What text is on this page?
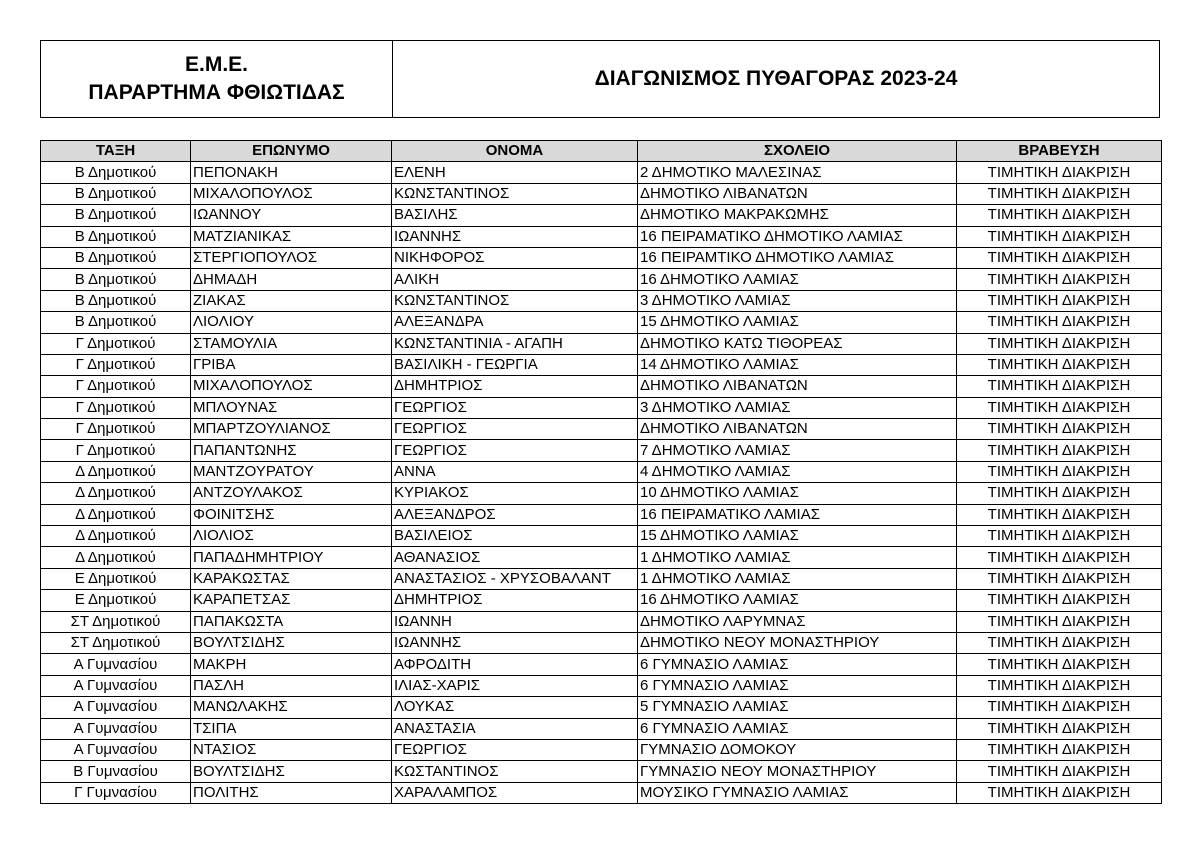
Ε.Μ.Ε.
ΠΑΡΑΡΤΗΜΑ ΦΘΙΩΤΙΔΑΣ
ΔΙΑΓΩΝΙΣΜΟΣ ΠΥΘΑΓΟΡΑΣ 2023-24
ΤΑΞΗ	ΕΠΩΝΥΜΟ	ΟΝΟΜΑ	ΣΧΟΛΕΙΟ	ΒΡΑΒΕΥΣΗ
Β Δημοτικού	ΠΕΠΟΝΑΚΗ	ΕΛΕΝΗ	2 ΔΗΜΟΤΙΚΟ ΜΑΛΕΣΙΝΑΣ	ΤΙΜΗΤΙΚΗ ΔΙΑΚΡΙΣΗ
Β Δημοτικού	ΜΙΧΑΛΟΠΟΥΛΟΣ	ΚΩΝΣΤΑΝΤΙΝΟΣ	ΔΗΜΟΤΙΚΟ ΛΙΒΑΝΑΤΩΝ	ΤΙΜΗΤΙΚΗ ΔΙΑΚΡΙΣΗ
Β Δημοτικού	ΙΩΑΝΝΟΥ	ΒΑΣΙΛΗΣ	ΔΗΜΟΤΙΚΟ ΜΑΚΡΑΚΩΜΗΣ	ΤΙΜΗΤΙΚΗ ΔΙΑΚΡΙΣΗ
Β Δημοτικού	ΜΑΤΖΙΑΝΙΚΑΣ	ΙΩΑΝΝΗΣ	16 ΠΕΙΡΑΜΑΤΙΚΟ ΔΗΜΟΤΙΚΟ ΛΑΜΙΑΣ	ΤΙΜΗΤΙΚΗ ΔΙΑΚΡΙΣΗ
Β Δημοτικού	ΣΤΕΡΓΙΟΠΟΥΛΟΣ	ΝΙΚΗΦΟΡΟΣ	16 ΠΕΙΡΑΜΤΙΚΟ ΔΗΜΟΤΙΚΟ ΛΑΜΙΑΣ	ΤΙΜΗΤΙΚΗ ΔΙΑΚΡΙΣΗ
Β Δημοτικού	ΔΗΜΑΔΗ	ΑΛΙΚΗ	16 ΔΗΜΟΤΙΚΟ ΛΑΜΙΑΣ	ΤΙΜΗΤΙΚΗ ΔΙΑΚΡΙΣΗ
Β Δημοτικού	ΖΙΑΚΑΣ	ΚΩΝΣΤΑΝΤΙΝΟΣ	3 ΔΗΜΟΤΙΚΟ ΛΑΜΙΑΣ	ΤΙΜΗΤΙΚΗ ΔΙΑΚΡΙΣΗ
Β Δημοτικού	ΛΙΟΛΙΟΥ	ΑΛΕΞΑΝΔΡΑ	15 ΔΗΜΟΤΙΚΟ ΛΑΜΙΑΣ	ΤΙΜΗΤΙΚΗ ΔΙΑΚΡΙΣΗ
Γ Δημοτικού	ΣΤΑΜΟΥΛΙΑ	ΚΩΝΣΤΑΝΤΙΝΙΑ - ΑΓΑΠΗ	ΔΗΜΟΤΙΚΟ ΚΑΤΩ ΤΙΘΟΡΕΑΣ	ΤΙΜΗΤΙΚΗ ΔΙΑΚΡΙΣΗ
Γ Δημοτικού	ΓΡΙΒΑ	ΒΑΣΙΛΙΚΗ - ΓΕΩΡΓΙΑ	14 ΔΗΜΟΤΙΚΟ ΛΑΜΙΑΣ	ΤΙΜΗΤΙΚΗ ΔΙΑΚΡΙΣΗ
Γ Δημοτικού	ΜΙΧΑΛΟΠΟΥΛΟΣ	ΔΗΜΗΤΡΙΟΣ	ΔΗΜΟΤΙΚΟ ΛΙΒΑΝΑΤΩΝ	ΤΙΜΗΤΙΚΗ ΔΙΑΚΡΙΣΗ
Γ Δημοτικού	ΜΠΛΟΥΝΑΣ	ΓΕΩΡΓΙΟΣ	3 ΔΗΜΟΤΙΚΟ ΛΑΜΙΑΣ	ΤΙΜΗΤΙΚΗ ΔΙΑΚΡΙΣΗ
Γ Δημοτικού	ΜΠΑΡΤΖΟΥΛΙΑΝΟΣ	ΓΕΩΡΓΙΟΣ	ΔΗΜΟΤΙΚΟ ΛΙΒΑΝΑΤΩΝ	ΤΙΜΗΤΙΚΗ ΔΙΑΚΡΙΣΗ
Γ Δημοτικού	ΠΑΠΑΝΤΩΝΗΣ	ΓΕΩΡΓΙΟΣ	7 ΔΗΜΟΤΙΚΟ ΛΑΜΙΑΣ	ΤΙΜΗΤΙΚΗ ΔΙΑΚΡΙΣΗ
Δ Δημοτικού	ΜΑΝΤΖΟΥΡΑΤΟΥ	ΑΝΝΑ	4 ΔΗΜΟΤΙΚΟ ΛΑΜΙΑΣ	ΤΙΜΗΤΙΚΗ ΔΙΑΚΡΙΣΗ
Δ Δημοτικού	ΑΝΤΖΟΥΛΑΚΟΣ	ΚΥΡΙΑΚΟΣ	10 ΔΗΜΟΤΙΚΟ ΛΑΜΙΑΣ	ΤΙΜΗΤΙΚΗ ΔΙΑΚΡΙΣΗ
Δ Δημοτικού	ΦΟΙΝΙΤΣΗΣ	ΑΛΕΞΑΝΔΡΟΣ	16 ΠΕΙΡΑΜΑΤΙΚΟ ΛΑΜΙΑΣ	ΤΙΜΗΤΙΚΗ ΔΙΑΚΡΙΣΗ
Δ Δημοτικού	ΛΙΟΛΙΟΣ	ΒΑΣΙΛΕΙΟΣ	15 ΔΗΜΟΤΙΚΟ ΛΑΜΙΑΣ	ΤΙΜΗΤΙΚΗ ΔΙΑΚΡΙΣΗ
Δ Δημοτικού	ΠΑΠΑΔΗΜΗΤΡΙΟΥ	ΑΘΑΝΑΣΙΟΣ	1 ΔΗΜΟΤΙΚΟ ΛΑΜΙΑΣ	ΤΙΜΗΤΙΚΗ ΔΙΑΚΡΙΣΗ
Ε Δημοτικού	ΚΑΡΑΚΩΣΤΑΣ	ΑΝΑΣΤΑΣΙΟΣ - ΧΡΥΣΟΒΑΛΑΝΤ	1 ΔΗΜΟΤΙΚΟ ΛΑΜΙΑΣ	ΤΙΜΗΤΙΚΗ ΔΙΑΚΡΙΣΗ
Ε Δημοτικού	ΚΑΡΑΠΕΤΣΑΣ	ΔΗΜΗΤΡΙΟΣ	16 ΔΗΜΟΤΙΚΟ ΛΑΜΙΑΣ	ΤΙΜΗΤΙΚΗ ΔΙΑΚΡΙΣΗ
ΣΤ Δημοτικού	ΠΑΠΑΚΩΣΤΑ	ΙΩΑΝΝΗ	ΔΗΜΟΤΙΚΟ ΛΑΡΥΜΝΑΣ	ΤΙΜΗΤΙΚΗ ΔΙΑΚΡΙΣΗ
ΣΤ Δημοτικού	ΒΟΥΛΤΣΙΔΗΣ	ΙΩΑΝΝΗΣ	ΔΗΜΟΤΙΚΟ ΝΕΟΥ ΜΟΝΑΣΤΗΡΙΟΥ	ΤΙΜΗΤΙΚΗ ΔΙΑΚΡΙΣΗ
Α Γυμνασίου	ΜΑΚΡΗ	ΑΦΡΟΔΙΤΗ	6 ΓΥΜΝΑΣΙΟ ΛΑΜΙΑΣ	ΤΙΜΗΤΙΚΗ ΔΙΑΚΡΙΣΗ
Α Γυμνασίου	ΠΑΣΛΗ	ΙΛΙΑΣ-ΧΑΡΙΣ	6 ΓΥΜΝΑΣΙΟ ΛΑΜΙΑΣ	ΤΙΜΗΤΙΚΗ ΔΙΑΚΡΙΣΗ
Α Γυμνασίου	ΜΑΝΩΛΑΚΗΣ	ΛΟΥΚΑΣ	5 ΓΥΜΝΑΣΙΟ ΛΑΜΙΑΣ	ΤΙΜΗΤΙΚΗ ΔΙΑΚΡΙΣΗ
Α Γυμνασίου	ΤΣΙΠΑ	ΑΝΑΣΤΑΣΙΑ	6 ΓΥΜΝΑΣΙΟ ΛΑΜΙΑΣ	ΤΙΜΗΤΙΚΗ ΔΙΑΚΡΙΣΗ
Α Γυμνασίου	ΝΤΑΣΙΟΣ	ΓΕΩΡΓΙΟΣ	ΓΥΜΝΑΣΙΟ ΔΟΜΟΚΟΥ	ΤΙΜΗΤΙΚΗ ΔΙΑΚΡΙΣΗ
Β Γυμνασίου	ΒΟΥΛΤΣΙΔΗΣ	ΚΩΣΤΑΝΤΙΝΟΣ	ΓΥΜΝΑΣΙΟ ΝΕΟΥ ΜΟΝΑΣΤΗΡΙΟΥ	ΤΙΜΗΤΙΚΗ ΔΙΑΚΡΙΣΗ
Γ Γυμνασίου	ΠΟΛΙΤΗΣ	ΧΑΡΑΛΑΜΠΟΣ	ΜΟΥΣΙΚΟ ΓΥΜΝΑΣΙΟ ΛΑΜΙΑΣ	ΤΙΜΗΤΙΚΗ ΔΙΑΚΡΙΣΗ
